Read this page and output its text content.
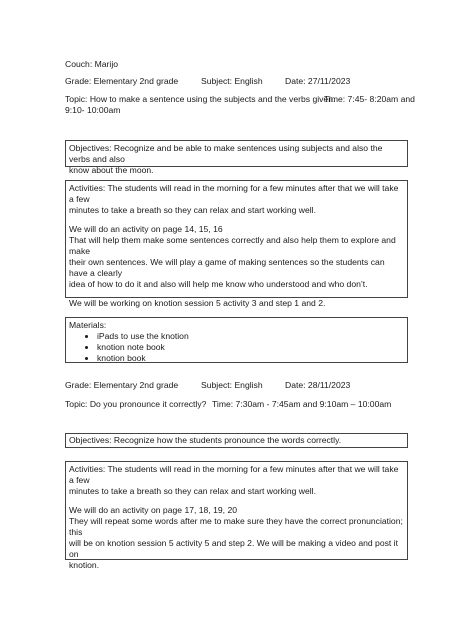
Couch: Marijo
Grade: Elementary 2nd grade	Subject: English	Date: 27/11/2023
Topic: How to make a sentence using the subjects and the verbs given.
Time: 7:45- 8:20am and
9:10- 10:00am

Objectives: Recognize and be able to make sentences using subjects and also the verbs and also

know about the moon.

Activities: The students will read in the morning for a few minutes after that we will take a few

minutes to take a breath so they can relax and start working well.

We will do an activity on page 14, 15, 16

That will help them make some sentences correctly and also help them to explore and make

their own sentences. We will play a game of making sentences so the students can have a clearly

idea of how to do it and also will help me know who understood and who don’t.

We will be working on knotion session 5 activity 3 and step 1 and 2.

Materials:

• iPads to use the knotion
• knotion note book
• knotion book
Grade: Elementary 2nd grade	Subject: English	Date: 28/11/2023
Topic: Do you pronounce it correctly? Time: 7:30am - 7:45am and 9:10am – 10:00am

Objectives: Recognize how the students pronounce the words correctly.

Activities: The students will read in the morning for a few minutes after that we will take a few

minutes to take a breath so they can relax and start working well.

We will do an activity on page 17, 18, 19, 20

They will repeat some words after me to make sure they have the correct pronunciation; this

will be on knotion session 5 activity 5 and step 2. We will be making a video and post it on

knotion.
